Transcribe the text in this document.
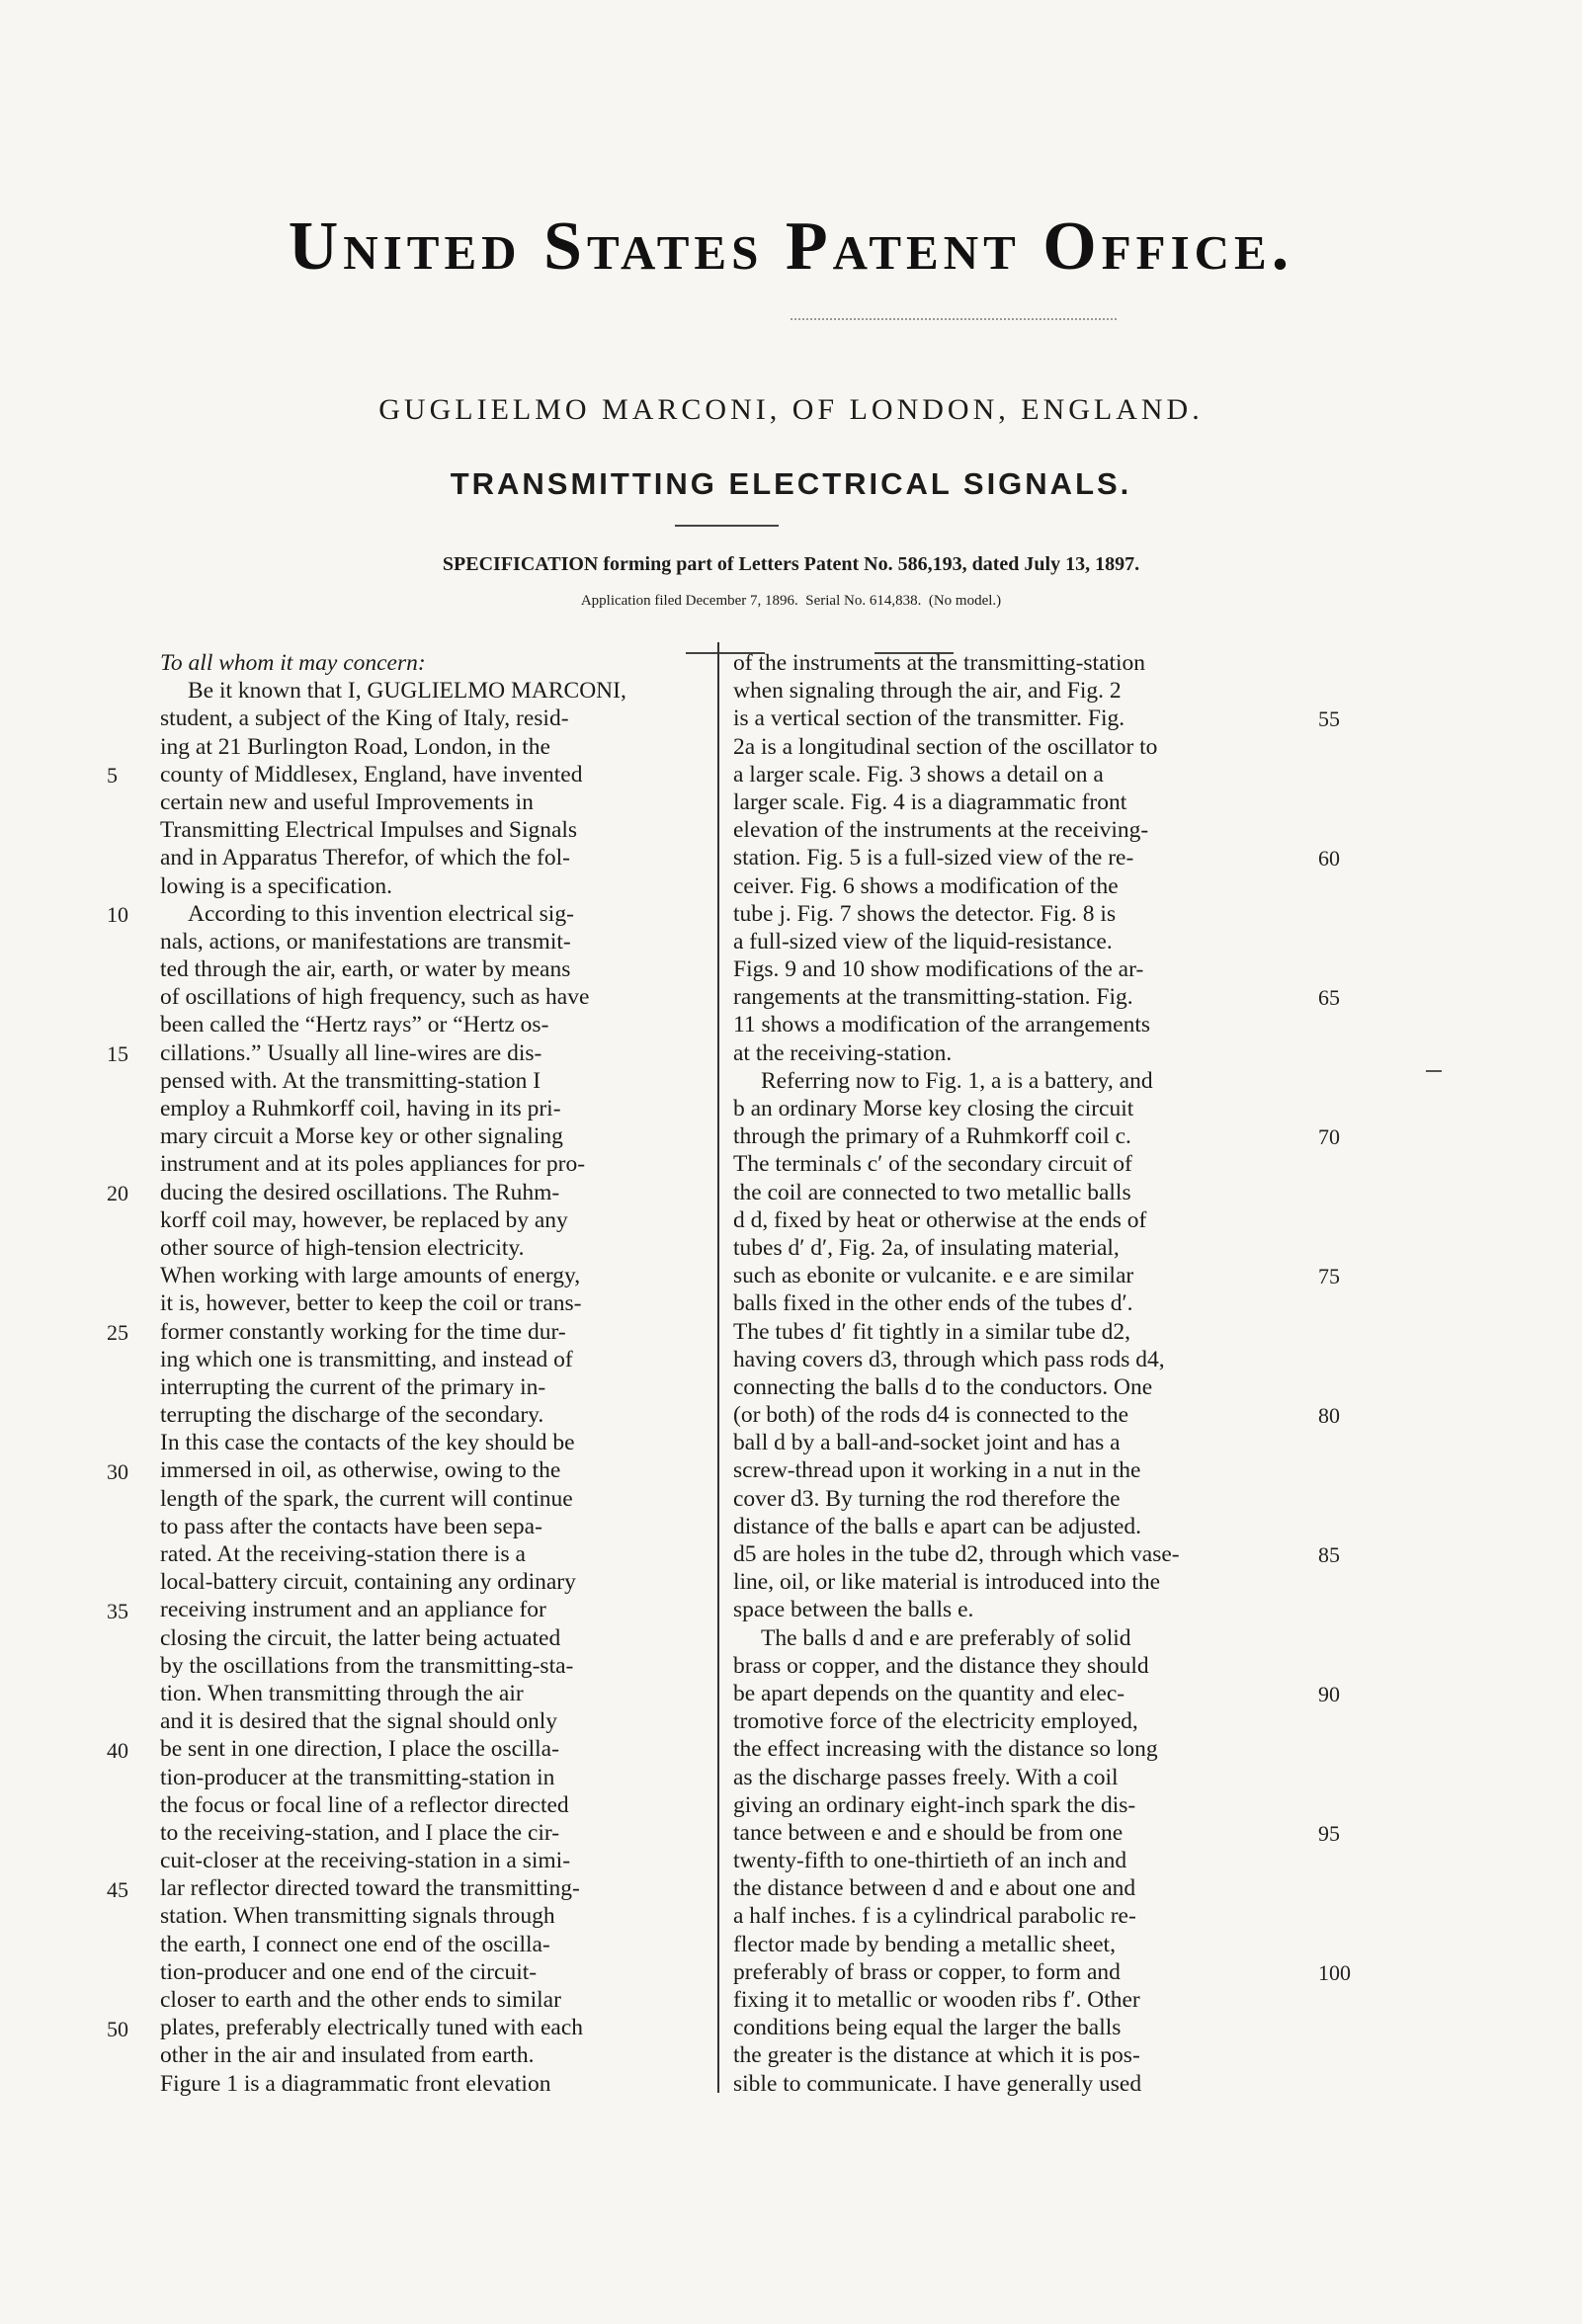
United States Patent Office.
GUGLIELMO MARCONI, OF LONDON, ENGLAND.
TRANSMITTING ELECTRICAL SIGNALS.
SPECIFICATION forming part of Letters Patent No. 586,193, dated July 13, 1897.
Application filed December 7, 1896.  Serial No. 614,838.  (No model.)
To all whom it may concern:
Be it known that I, GUGLIELMO MARCONI,
student, a subject of the King of Italy, resid-
ing at 21 Burlington Road, London, in the
county of Middlesex, England, have invented
certain new and useful Improvements in
Transmitting Electrical Impulses and Signals
and in Apparatus Therefor, of which the fol-
lowing is a specification.
According to this invention electrical sig-
nals, actions, or manifestations are transmit-
ted through the air, earth, or water by means
of oscillations of high frequency, such as have
been called the “Hertz rays” or “Hertz os-
cillations.” Usually all line-wires are dis-
pensed with. At the transmitting-station I
employ a Ruhmkorff coil, having in its pri-
mary circuit a Morse key or other signaling
instrument and at its poles appliances for pro-
ducing the desired oscillations. The Ruhm-
korff coil may, however, be replaced by any
other source of high-tension electricity.
When working with large amounts of energy,
it is, however, better to keep the coil or trans-
former constantly working for the time dur-
ing which one is transmitting, and instead of
interrupting the current of the primary in-
terrupting the discharge of the secondary.
In this case the contacts of the key should be
immersed in oil, as otherwise, owing to the
length of the spark, the current will continue
to pass after the contacts have been sepa-
rated. At the receiving-station there is a
local-battery circuit, containing any ordinary
receiving instrument and an appliance for
closing the circuit, the latter being actuated
by the oscillations from the transmitting-sta-
tion. When transmitting through the air
and it is desired that the signal should only
be sent in one direction, I place the oscilla-
tion-producer at the transmitting-station in
the focus or focal line of a reflector directed
to the receiving-station, and I place the cir-
cuit-closer at the receiving-station in a simi-
lar reflector directed toward the transmitting-
station. When transmitting signals through
the earth, I connect one end of the oscilla-
tion-producer and one end of the circuit-
closer to earth and the other ends to similar
plates, preferably electrically tuned with each
other in the air and insulated from earth.
Figure 1 is a diagrammatic front elevation
of the instruments at the transmitting-station
when signaling through the air, and Fig. 2
is a vertical section of the transmitter. Fig.
2a is a longitudinal section of the oscillator to
a larger scale. Fig. 3 shows a detail on a
larger scale. Fig. 4 is a diagrammatic front
elevation of the instruments at the receiving-
station. Fig. 5 is a full-sized view of the re-
ceiver. Fig. 6 shows a modification of the
tube j. Fig. 7 shows the detector. Fig. 8 is
a full-sized view of the liquid-resistance.
Figs. 9 and 10 show modifications of the ar-
rangements at the transmitting-station. Fig.
11 shows a modification of the arrangements
at the receiving-station.
Referring now to Fig. 1, a is a battery, and
b an ordinary Morse key closing the circuit
through the primary of a Ruhmkorff coil c.
The terminals c′ of the secondary circuit of
the coil are connected to two metallic balls
d d, fixed by heat or otherwise at the ends of
tubes d′ d′, Fig. 2a, of insulating material,
such as ebonite or vulcanite. e e are similar
balls fixed in the other ends of the tubes d′.
The tubes d′ fit tightly in a similar tube d2,
having covers d3, through which pass rods d4,
connecting the balls d to the conductors. One
(or both) of the rods d4 is connected to the
ball d by a ball-and-socket joint and has a
screw-thread upon it working in a nut in the
cover d3. By turning the rod therefore the
distance of the balls e apart can be adjusted.
d5 are holes in the tube d2, through which vase-
line, oil, or like material is introduced into the
space between the balls e.
The balls d and e are preferably of solid
brass or copper, and the distance they should
be apart depends on the quantity and elec-
tromotive force of the electricity employed,
the effect increasing with the distance so long
as the discharge passes freely. With a coil
giving an ordinary eight-inch spark the dis-
tance between e and e should be from one
twenty-fifth to one-thirtieth of an inch and
the distance between d and e about one and
a half inches. f is a cylindrical parabolic re-
flector made by bending a metallic sheet,
preferably of brass or copper, to form and
fixing it to metallic or wooden ribs f′. Other
conditions being equal the larger the balls
the greater is the distance at which it is pos-
sible to communicate. I have generally used
5
10
15
20
25
30
35
40
45
50
55
60
65
70
75
80
85
90
95
100
